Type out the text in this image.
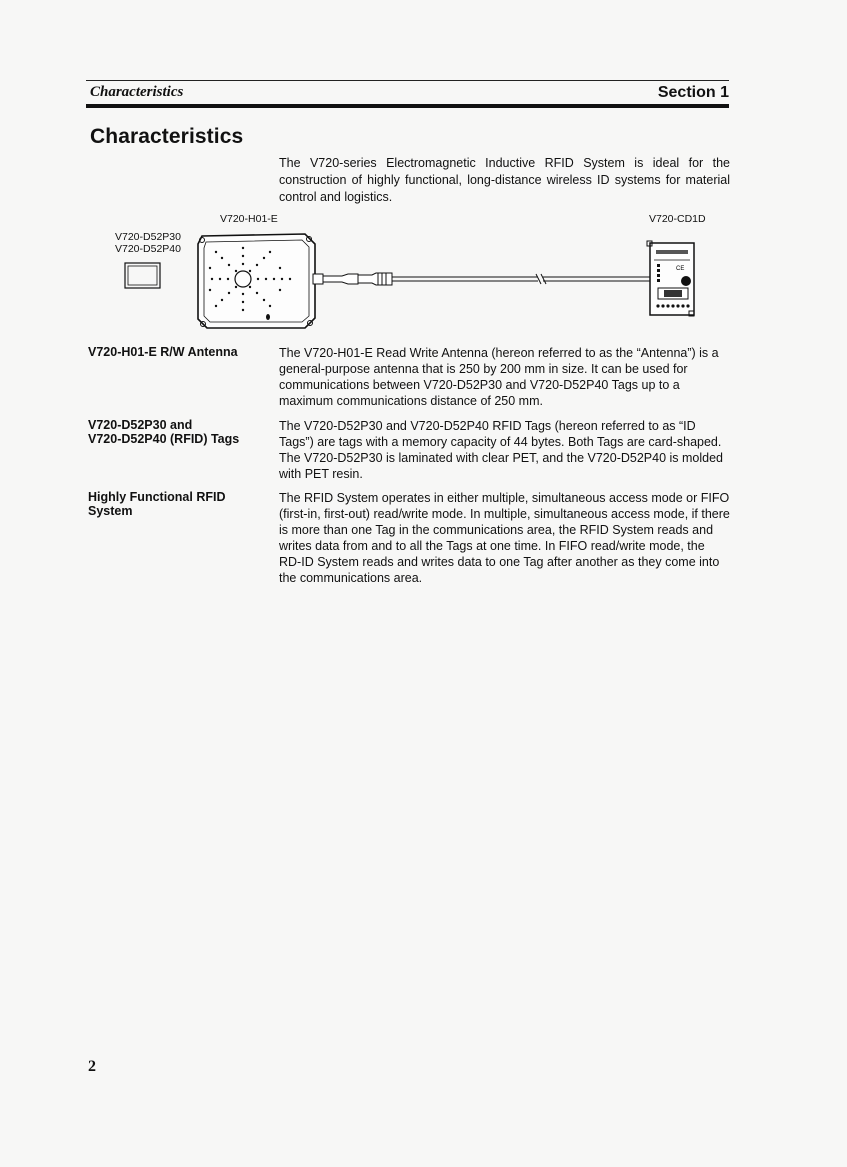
Characteristics	Section 1
Characteristics
The V720-series Electromagnetic Inductive RFID System is ideal for the construction of highly functional, long-distance wireless ID systems for material control and logistics.
CE
V720-H01-E
V720-D52P30
V720-D52P40
V720-CD1D
V720-H01-E R/W Antenna	The V720-H01-E Read Write Antenna (hereon referred to as the “Antenna”) is a general-purpose antenna that is 250 by 200 mm in size. It can be used for communications between V720-D52P30 and V720-D52P40 Tags up to a maximum communications distance of 250 mm.
V720-D52P30 and
V720-D52P40 (RFID) Tags
The V720-D52P30 and V720-D52P40 RFID Tags (hereon referred to as “ID Tags”) are tags with a memory capacity of 44 bytes. Both Tags are card-shaped. The V720-D52P30 is laminated with clear PET, and the V720-D52P40 is molded with PET resin.
Highly Functional RFID
System
The RFID System operates in either multiple, simultaneous access mode or FIFO (first-in, first-out) read/write mode. In multiple, simultaneous access mode, if there is more than one Tag in the communications area, the RFID System reads and writes data from and to all the Tags at one time. In FIFO read/write mode, the RD-ID System reads and writes data to one Tag after another as they come into the communications area.
2
